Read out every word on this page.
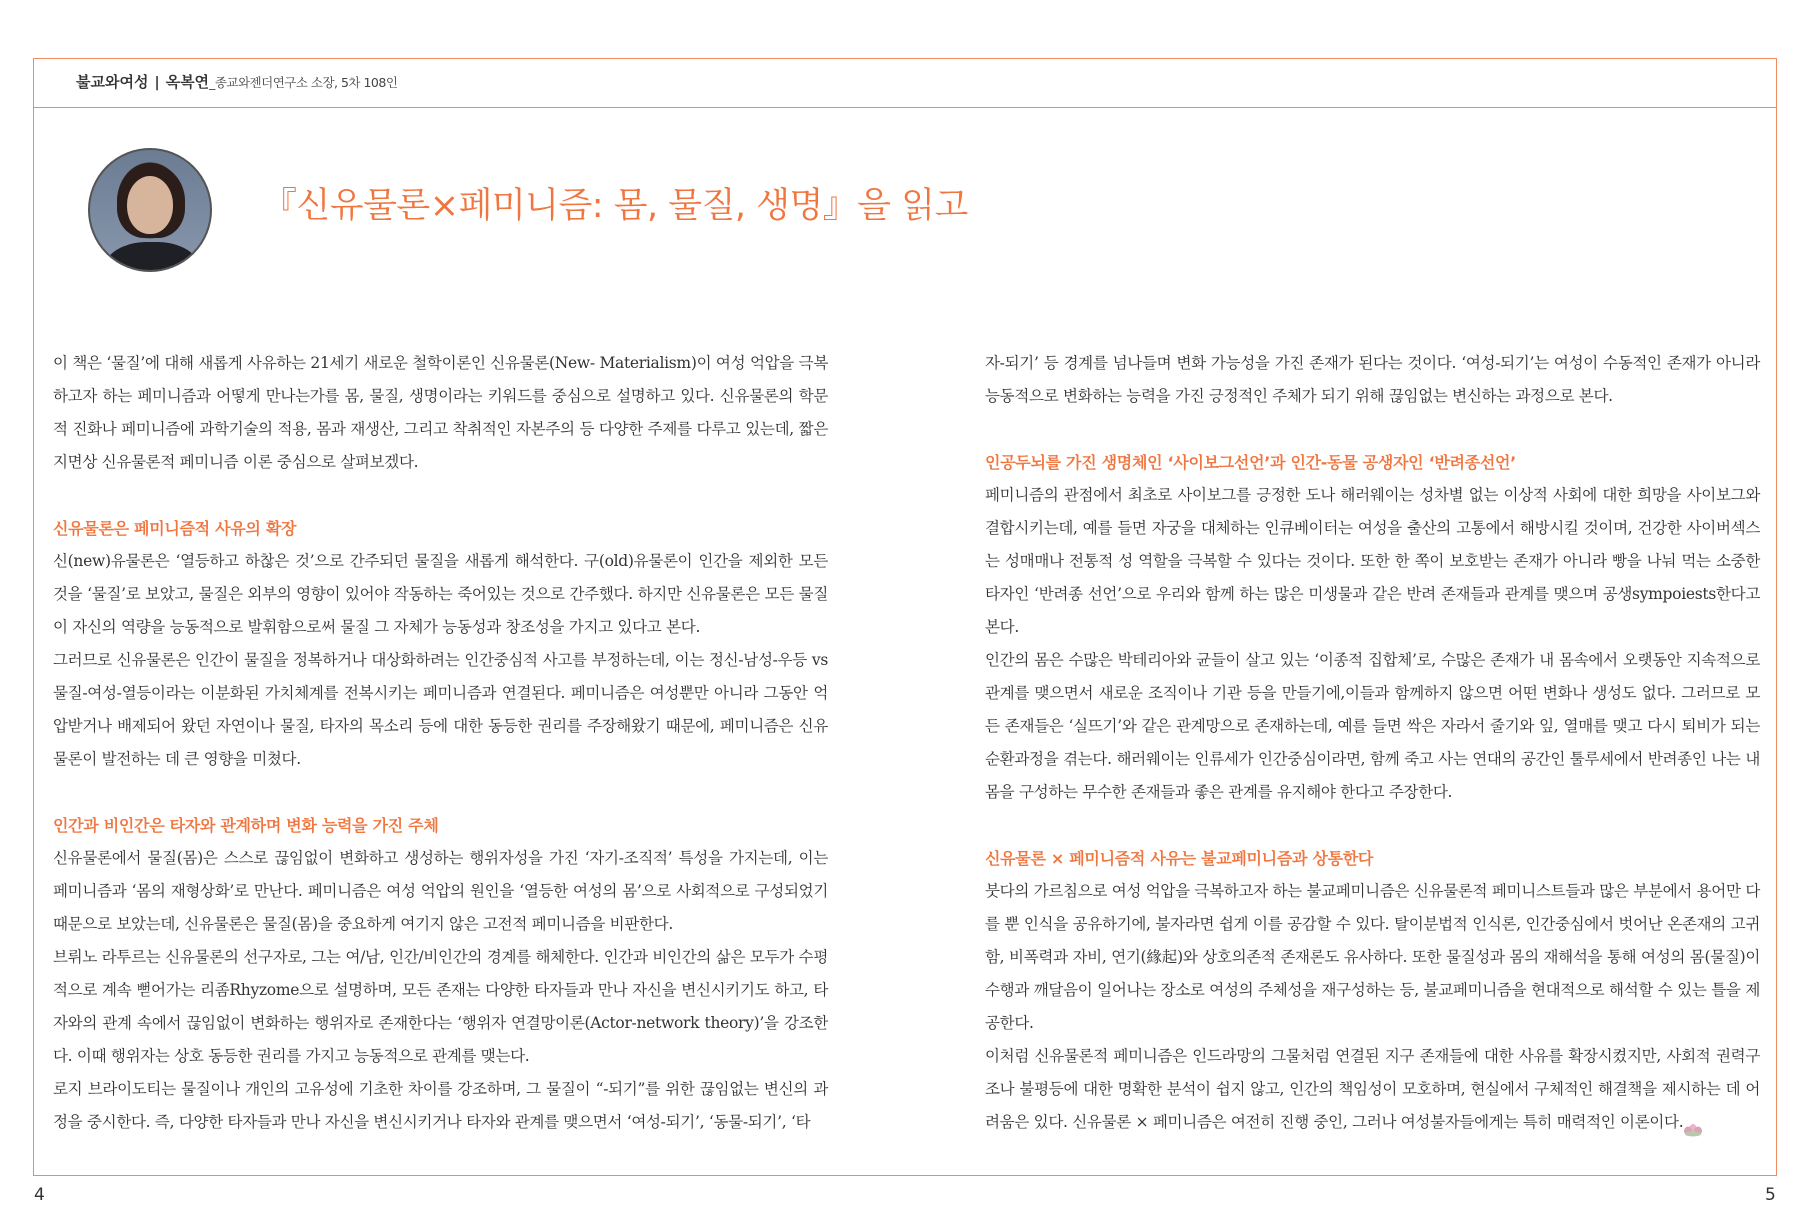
불교와여성 | 옥복연_종교와젠더연구소 소장, 5차 108인
『신유물론×페미니즘: 몸, 물질, 생명』을 읽고

이 책은 ‘물질’에 대해 새롭게 사유하는 21세기 새로운 철학이론인 신유물론(New- Materialism)이 여성 억압을 극복하고자 하는 페미니즘과 어떻게 만나는가를 몸, 물질, 생명이라는 키워드를 중심으로 설명하고 있다. 신유물론의 학문적 진화나 페미니즘에 과학기술의 적용, 몸과 재생산, 그리고 착취적인 자본주의 등 다양한 주제를 다루고 있는데, 짧은 지면상 신유물론적 페미니즘 이론 중심으로 살펴보겠다.

신유물론은 페미니즘적 사유의 확장

신(new)유물론은 ‘열등하고 하찮은 것’으로 간주되던 물질을 새롭게 해석한다. 구(old)유물론이 인간을 제외한 모든 것을 ‘물질’로 보았고, 물질은 외부의 영향이 있어야 작동하는 죽어있는 것으로 간주했다. 하지만 신유물론은 모든 물질이 자신의 역량을 능동적으로 발휘함으로써 물질 그 자체가 능동성과 창조성을 가지고 있다고 본다.

그러므로 신유물론은 인간이 물질을 정복하거나 대상화하려는 인간중심적 사고를 부정하는데, 이는 정신-남성-우등 vs 물질-여성-열등이라는 이분화된 가치체계를 전복시키는 페미니즘과 연결된다. 페미니즘은 여성뿐만 아니라 그동안 억압받거나 배제되어 왔던 자연이나 물질, 타자의 목소리 등에 대한 동등한 권리를 주장해왔기 때문에, 페미니즘은 신유물론이 발전하는 데 큰 영향을 미쳤다.

인간과 비인간은 타자와 관계하며 변화 능력을 가진 주체

신유물론에서 물질(몸)은 스스로 끊임없이 변화하고 생성하는 행위자성을 가진 ‘자기-조직적’ 특성을 가지는데, 이는 페미니즘과 ‘몸의 재형상화’로 만난다. 페미니즘은 여성 억압의 원인을 ‘열등한 여성의 몸’으로 사회적으로 구성되었기 때문으로 보았는데, 신유물론은 물질(몸)을 중요하게 여기지 않은 고전적 페미니즘을 비판한다.

브뤼노 라투르는 신유물론의 선구자로, 그는 여/남, 인간/비인간의 경계를 해체한다. 인간과 비인간의 삶은 모두가 수평적으로 계속 뻗어가는 리좀Rhyzome으로 설명하며, 모든 존재는 다양한 타자들과 만나 자신을 변신시키기도 하고, 타자와의 관계 속에서 끊임없이 변화하는 행위자로 존재한다는 ‘행위자 연결망이론(Actor-network theory)’을 강조한다. 이때 행위자는 상호 동등한 권리를 가지고 능동적으로 관계를 맺는다.

로지 브라이도티는 물질이나 개인의 고유성에 기초한 차이를 강조하며, 그 물질이 “-되기”를 위한 끊임없는 변신의 과정을 중시한다. 즉, 다양한 타자들과 만나 자신을 변신시키거나 타자와 관계를 맺으면서 ‘여성-되기’, ‘동물-되기’, ‘타

자-되기’ 등 경계를 넘나들며 변화 가능성을 가진 존재가 된다는 것이다. ‘여성-되기’는 여성이 수동적인 존재가 아니라 능동적으로 변화하는 능력을 가진 긍정적인 주체가 되기 위해 끊임없는 변신하는 과정으로 본다.

인공두뇌를 가진 생명체인 ‘사이보그선언’과 인간-동물 공생자인 ‘반려종선언’

페미니즘의 관점에서 최초로 사이보그를 긍정한 도나 해러웨이는 성차별 없는 이상적 사회에 대한 희망을 사이보그와 결합시키는데, 예를 들면 자궁을 대체하는 인큐베이터는 여성을 출산의 고통에서 해방시킬 것이며, 건강한 사이버섹스는 성매매나 전통적 성 역할을 극복할 수 있다는 것이다. 또한 한 쪽이 보호받는 존재가 아니라 빵을 나눠 먹는 소중한 타자인 ‘반려종 선언’으로 우리와 함께 하는 많은 미생물과 같은 반려 존재들과 관계를 맺으며 공생sympoiests한다고 본다.

인간의 몸은 수많은 박테리아와 균들이 살고 있는 ‘이종적 집합체’로, 수많은 존재가 내 몸속에서 오랫동안 지속적으로 관계를 맺으면서 새로운 조직이나 기관 등을 만들기에,이들과 함께하지 않으면 어떤 변화나 생성도 없다. 그러므로 모든 존재들은 ‘실뜨기’와 같은 관계망으로 존재하는데, 예를 들면 싹은 자라서 줄기와 잎, 열매를 맺고 다시 퇴비가 되는 순환과정을 겪는다. 해러웨이는 인류세가 인간중심이라면, 함께 죽고 사는 연대의 공간인 툴루세에서 반려종인 나는 내 몸을 구성하는 무수한 존재들과 좋은 관계를 유지해야 한다고 주장한다.

신유물론 × 페미니즘적 사유는 불교페미니즘과 상통한다

붓다의 가르침으로 여성 억압을 극복하고자 하는 불교페미니즘은 신유물론적 페미니스트들과 많은 부분에서 용어만 다를 뿐 인식을 공유하기에, 불자라면 쉽게 이를 공감할 수 있다. 탈이분법적 인식론, 인간중심에서 벗어난 온존재의 고귀함, 비폭력과 자비, 연기(緣起)와 상호의존적 존재론도 유사하다. 또한 물질성과 몸의 재해석을 통해 여성의 몸(물질)이 수행과 깨달음이 일어나는 장소로 여성의 주체성을 재구성하는 등, 불교페미니즘을 현대적으로 해석할 수 있는 틀을 제공한다.

이처럼 신유물론적 페미니즘은 인드라망의 그물처럼 연결된 지구 존재들에 대한 사유를 확장시켰지만, 사회적 권력구조나 불평등에 대한 명확한 분석이 쉽지 않고, 인간의 책임성이 모호하며, 현실에서 구체적인 해결책을 제시하는 데 어려움은 있다. 신유물론 × 페미니즘은 여전히 진행 중인, 그러나 여성불자들에게는 특히 매력적인 이론이다.

4	5
